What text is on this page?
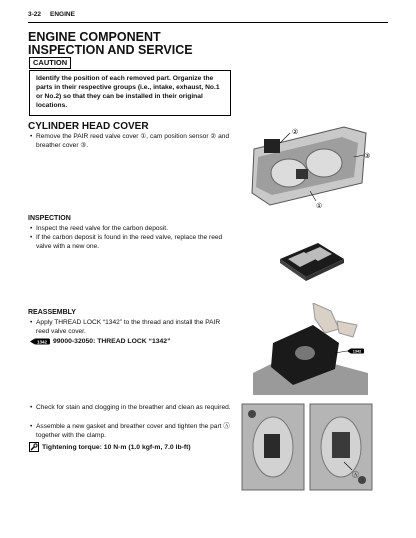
3-22 ENGINE
ENGINE COMPONENT INSPECTION AND SERVICE
CAUTION
Identify the position of each removed part. Organize the parts in their respective groups (i.e., intake, exhaust, No.1 or No.2) so that they can be installed in their original locations.
CYLINDER HEAD COVER
• Remove the PAIR reed valve cover ①, cam position sensor ② and breather cover ③.
INSPECTION
• Inspect the reed valve for the carbon deposit.
• If the carbon deposit is found in the reed valve, replace the reed valve with a new one.
REASSEMBLY
• Apply THREAD LOCK “1342” to the thread and install the PAIR reed valve cover.
1342 99000-32050: THREAD LOCK “1342”
• Check for stain and clogging in the breather and clean as required.
• Assemble a new gasket and breather cover and tighten the part Ⓐ together with the clamp.
Tightening torque: 10 N·m (1.0 kgf-m, 7.0 lb-ft)
②
③
①
1342
Ⓐ
